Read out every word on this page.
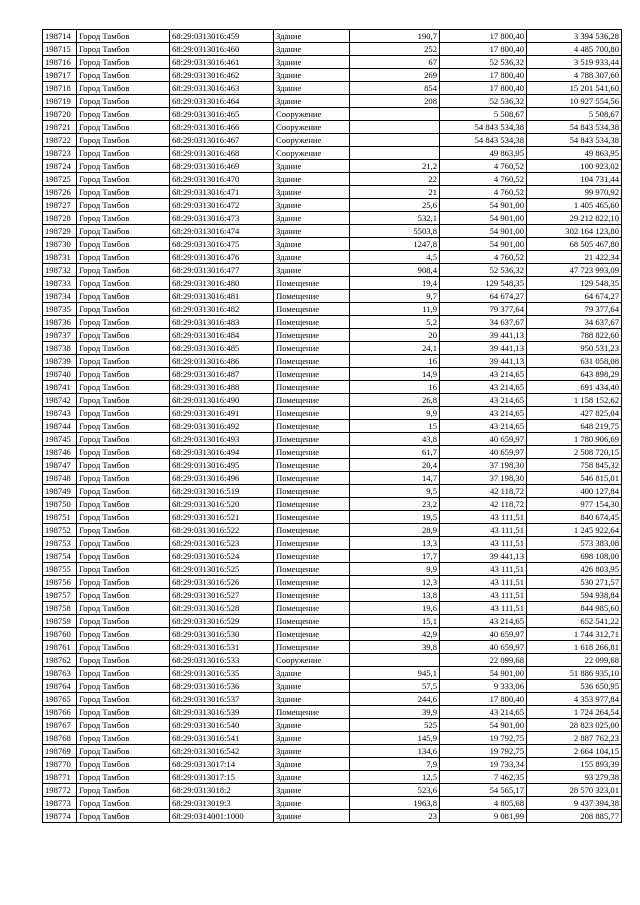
198714	Город Тамбов	68:29:0313016:459	Здание	190,7	17 800,40	3 394 536,28
198715	Город Тамбов	68:29:0313016:460	Здание	252	17 800,40	4 485 700,80
198716	Город Тамбов	68:29:0313016:461	Здание	67	52 536,32	3 519 933,44
198717	Город Тамбов	68:29:0313016:462	Здание	269	17 800,40	4 788 307,60
198718	Город Тамбов	68:29:0313016:463	Здание	854	17 800,40	15 201 541,60
198719	Город Тамбов	68:29:0313016:464	Здание	208	52 536,32	10 927 554,56
198720	Город Тамбов	68:29:0313016:465	Сооружение		5 508,67	5 508,67
198721	Город Тамбов	68:29:0313016:466	Сооружение		54 843 534,38	54 843 534,38
198722	Город Тамбов	68:29:0313016:467	Сооружение		54 843 534,38	54 843 534,38
198723	Город Тамбов	68:29:0313016:468	Сооружение		49 863,95	49 863,95
198724	Город Тамбов	68:29:0313016:469	Здание	21,2	4 760,52	100 923,02
198725	Город Тамбов	68:29:0313016:470	Здание	22	4 760,52	104 731,44
198726	Город Тамбов	68:29:0313016:471	Здание	21	4 760,52	99 970,92
198727	Город Тамбов	68:29:0313016:472	Здание	25,6	54 901,00	1 405 465,60
198728	Город Тамбов	68:29:0313016:473	Здание	532,1	54 901,00	29 212 822,10
198729	Город Тамбов	68:29:0313016:474	Здание	5503,8	54 901,00	302 164 123,80
198730	Город Тамбов	68:29:0313016:475	Здание	1247,8	54 901,00	68 505 467,80
198731	Город Тамбов	68:29:0313016:476	Здание	4,5	4 760,52	21 422,34
198732	Город Тамбов	68:29:0313016:477	Здание	908,4	52 536,32	47 723 993,09
198733	Город Тамбов	68:29:0313016:480	Помещение	19,4	129 548,35	129 548,35
198734	Город Тамбов	68:29:0313016:481	Помещение	9,7	64 674,27	64 674,27
198735	Город Тамбов	68:29:0313016:482	Помещение	11,9	79 377,64	79 377,64
198736	Город Тамбов	68:29:0313016:483	Помещение	5,2	34 637,67	34 637,67
198737	Город Тамбов	68:29:0313016:484	Помещение	20	39 441,13	788 822,60
198738	Город Тамбов	68:29:0313016:485	Помещение	24,1	39 441,13	950 531,23
198739	Город Тамбов	68:29:0313016:486	Помещение	16	39 441,13	631 058,08
198740	Город Тамбов	68:29:0313016:487	Помещение	14,9	43 214,65	643 898,29
198741	Город Тамбов	68:29:0313016:488	Помещение	16	43 214,65	691 434,40
198742	Город Тамбов	68:29:0313016:490	Помещение	26,8	43 214,65	1 158 152,62
198743	Город Тамбов	68:29:0313016:491	Помещение	9,9	43 214,65	427 825,04
198744	Город Тамбов	68:29:0313016:492	Помещение	15	43 214,65	648 219,75
198745	Город Тамбов	68:29:0313016:493	Помещение	43,8	40 659,97	1 780 906,69
198746	Город Тамбов	68:29:0313016:494	Помещение	61,7	40 659,97	2 508 720,15
198747	Город Тамбов	68:29:0313016:495	Помещение	20,4	37 198,30	758 845,32
198748	Город Тамбов	68:29:0313016:496	Помещение	14,7	37 198,30	546 815,01
198749	Город Тамбов	68:29:0313016:519	Помещение	9,5	42 118,72	400 127,84
198750	Город Тамбов	68:29:0313016:520	Помещение	23,2	42 118,72	977 154,30
198751	Город Тамбов	68:29:0313016:521	Помещение	19,5	43 111,51	840 674,45
198752	Город Тамбов	68:29:0313016:522	Помещение	28,9	43 111,51	1 245 922,64
198753	Город Тамбов	68:29:0313016:523	Помещение	13,3	43 111,51	573 383,08
198754	Город Тамбов	68:29:0313016:524	Помещение	17,7	39 441,13	698 108,00
198755	Город Тамбов	68:29:0313016:525	Помещение	9,9	43 111,51	426 803,95
198756	Город Тамбов	68:29:0313016:526	Помещение	12,3	43 111,51	530 271,57
198757	Город Тамбов	68:29:0313016:527	Помещение	13,8	43 111,51	594 938,84
198758	Город Тамбов	68:29:0313016:528	Помещение	19,6	43 111,51	844 985,60
198759	Город Тамбов	68:29:0313016:529	Помещение	15,1	43 214,65	652 541,22
198760	Город Тамбов	68:29:0313016:530	Помещение	42,9	40 659,97	1 744 312,71
198761	Город Тамбов	68:29:0313016:531	Помещение	39,8	40 659,97	1 618 266,81
198762	Город Тамбов	68:29:0313016:533	Сооружение		22 099,68	22 099,68
198763	Город Тамбов	68:29:0313016:535	Здание	945,1	54 901,00	51 886 935,10
198764	Город Тамбов	68:29:0313016:536	Здание	57,5	9 333,06	536 650,95
198765	Город Тамбов	68:29:0313016:537	Здание	244,6	17 800,40	4 353 977,84
198766	Город Тамбов	68:29:0313016:539	Помещение	39,9	43 214,65	1 724 264,54
198767	Город Тамбов	68:29:0313016:540	Здание	525	54 901,00	28 823 025,00
198768	Город Тамбов	68:29:0313016:541	Здание	145,9	19 792,75	2 887 762,23
198769	Город Тамбов	68:29:0313016:542	Здание	134,6	19 792,75	2 664 104,15
198770	Город Тамбов	68:29:0313017:14	Здание	7,9	19 733,34	155 893,39
198771	Город Тамбов	68:29:0313017:15	Здание	12,5	7 462,35	93 279,38
198772	Город Тамбов	68:29:0313018:2	Здание	523,6	54 565,17	28 570 323,01
198773	Город Тамбов	68:29:0313019:3	Здание	1963,8	4 805,68	9 437 394,38
198774	Город Тамбов	68:29:0314001:1000	Здание	23	9 081,99	208 885,77
